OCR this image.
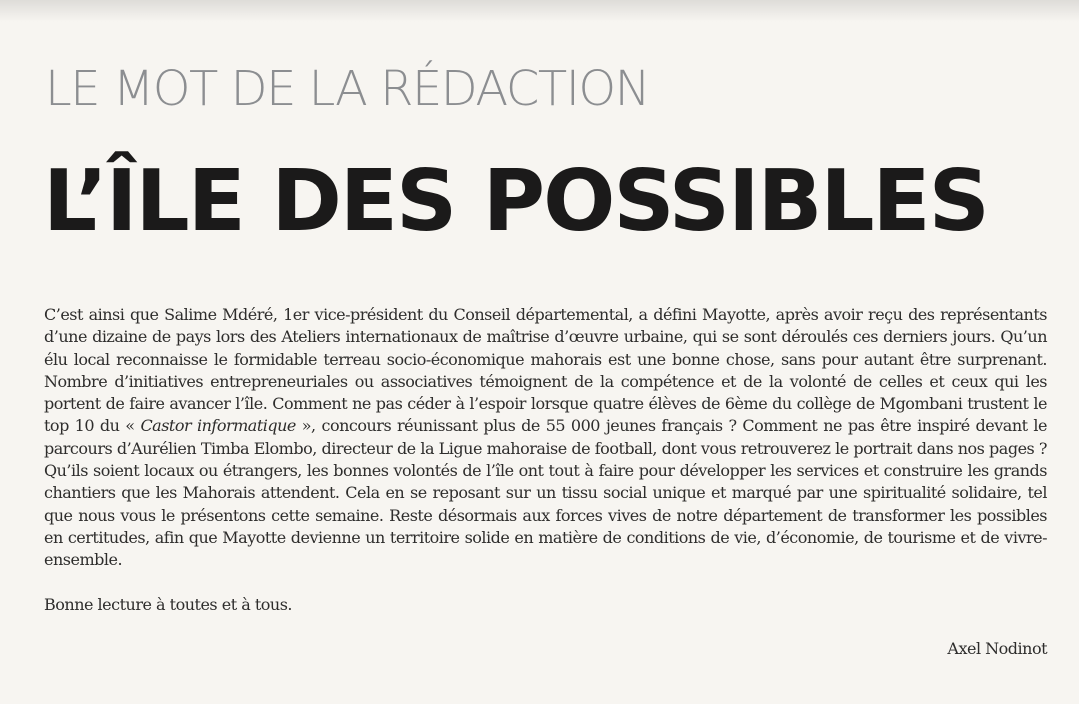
LE MOT DE LA RÉDACTION
L’ÎLE DES POSSIBLES

C’est ainsi que Salime Mdéré, 1er vice-président du Conseil départemental, a défini Mayotte, après avoir reçu des représentants d’une dizaine de pays lors des Ateliers internationaux de maîtrise d’œuvre urbaine, qui se sont déroulés ces derniers jours. Qu’un élu local reconnaisse le formidable terreau socio-économique mahorais est une bonne chose, sans pour autant être surprenant. Nombre d’initiatives entrepreneuriales ou associatives témoignent de la compétence et de la volonté de celles et ceux qui les portent de faire avancer l’île. Comment ne pas céder à l’espoir lorsque quatre élèves de 6ème du collège de Mgombani trustent le top 10 du « Castor informatique », concours réunissant plus de 55 000 jeunes français ? Comment ne pas être inspiré devant le parcours d’Aurélien Timba Elombo, directeur de la Ligue mahoraise de football, dont vous retrouverez le portrait dans nos pages ? Qu’ils soient locaux ou étrangers, les bonnes volontés de l’île ont tout à faire pour développer les services et construire les grands chantiers que les Mahorais attendent. Cela en se reposant sur un tissu social unique et marqué par une spiritualité solidaire, tel que nous vous le présentons cette semaine. Reste désormais aux forces vives de notre département de transformer les possibles en certitudes, afin que Mayotte devienne un territoire solide en matière de conditions de vie, d’économie, de tourisme et de vivre-ensemble.

Bonne lecture à toutes et à tous.

Axel Nodinot
